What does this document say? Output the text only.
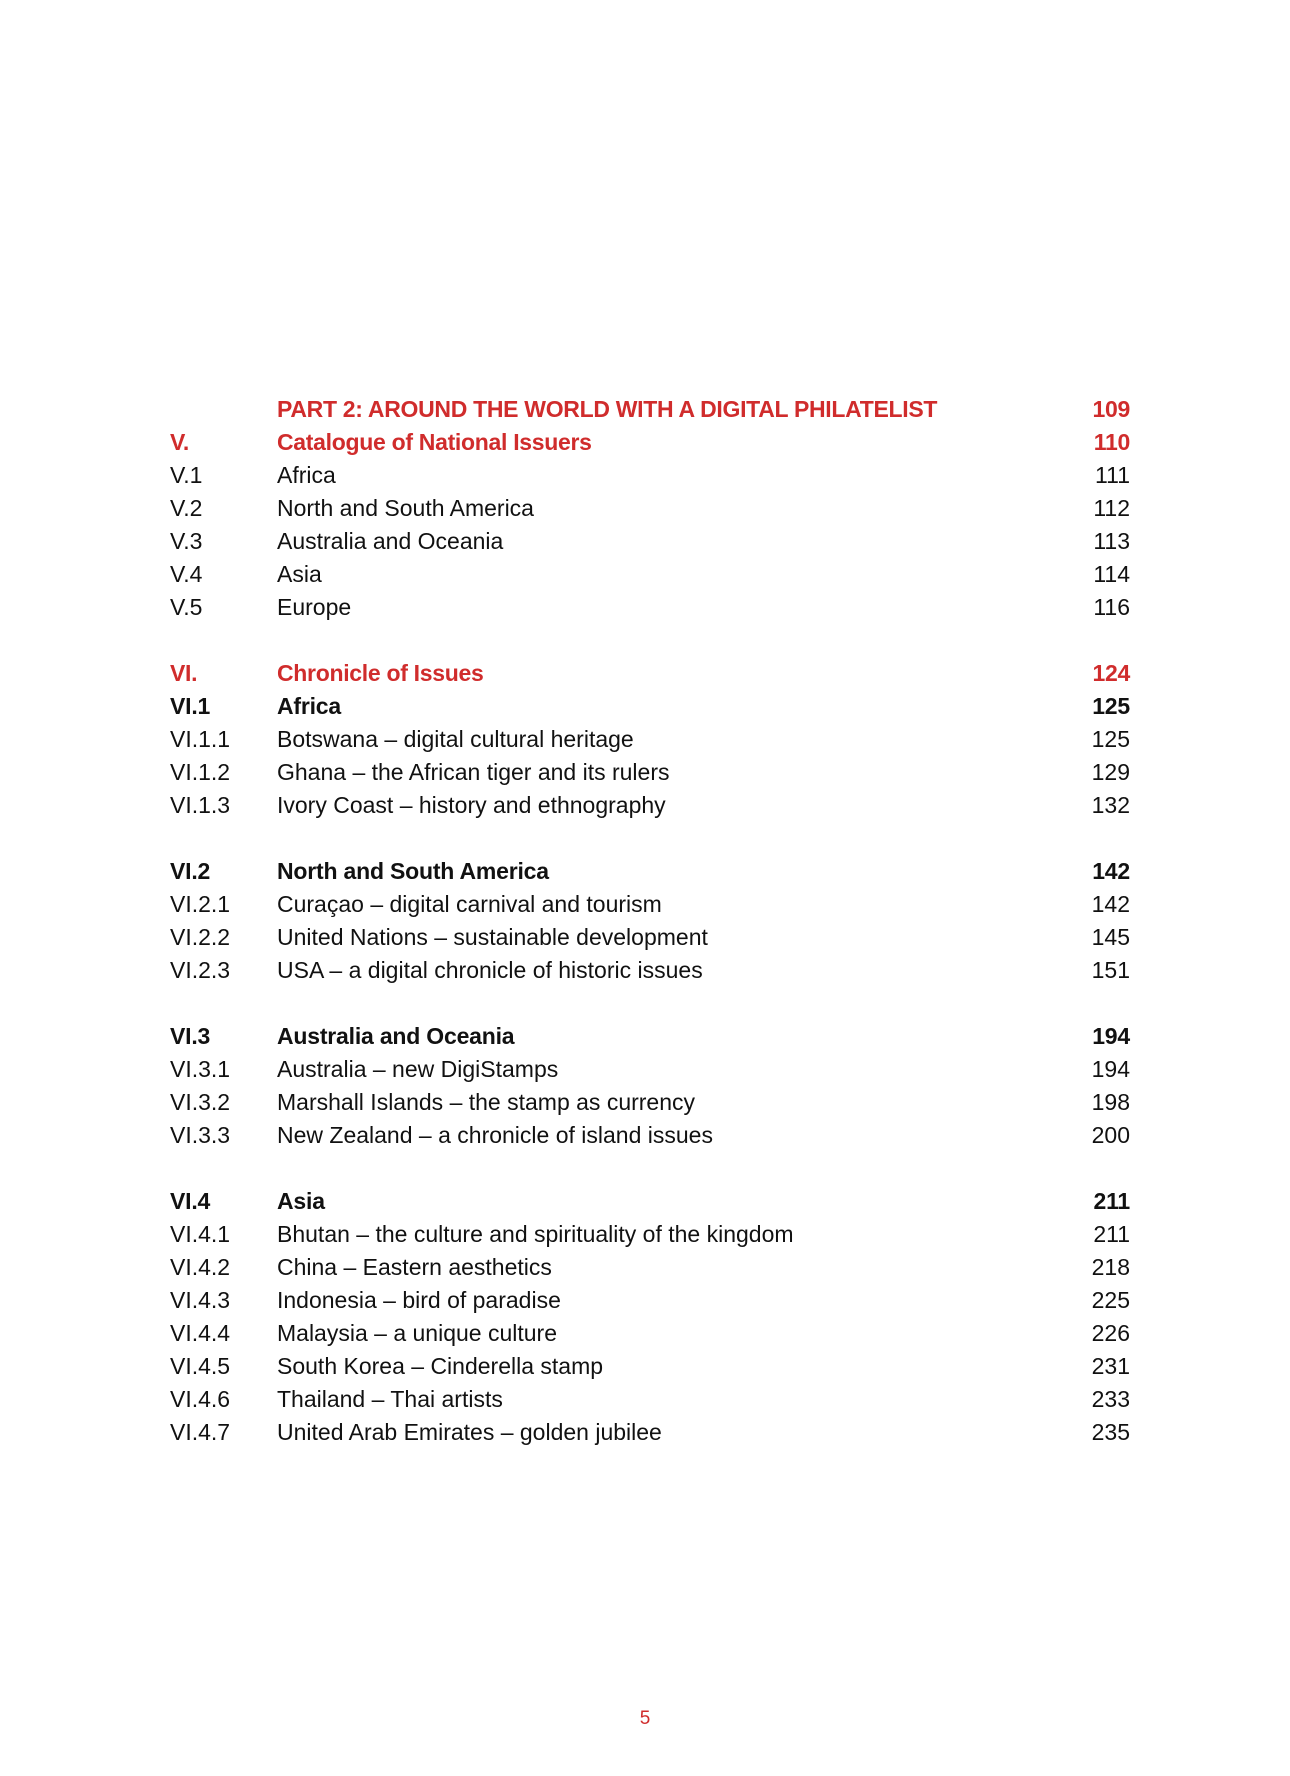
PART 2: AROUND THE WORLD WITH A DIGITAL PHILATELIST	109
V.	Catalogue of National Issuers	110
V.1	Africa	111
V.2	North and South America	112
V.3	Australia and Oceania	113
V.4	Asia	114
V.5	Europe	116
VI.	Chronicle of Issues	124
VI.1	Africa	125
VI.1.1 Botswana – digital cultural heritage	125
VI.1.2 Ghana – the African tiger and its rulers	129
VI.1.3 Ivory Coast – history and ethnography	132
VI.2	North and South America	142
VI.2.1 Curaçao – digital carnival and tourism	142
VI.2.2 United Nations – sustainable development	145
VI.2.3 USA – a digital chronicle of historic issues	151
VI.3	Australia and Oceania	194
VI.3.1 Australia – new DigiStamps	194
VI.3.2 Marshall Islands – the stamp as currency	198
VI.3.3 New Zealand – a chronicle of island issues	200
VI.4	Asia	211
VI.4.1 Bhutan – the culture and spirituality of the kingdom	211
VI.4.2 China – Eastern aesthetics	218
VI.4.3 Indonesia – bird of paradise	225
VI.4.4 Malaysia – a unique culture	226
VI.4.5 South Korea – Cinderella stamp	231
VI.4.6 Thailand – Thai artists	233
VI.4.7 United Arab Emirates – golden jubilee	235
5
